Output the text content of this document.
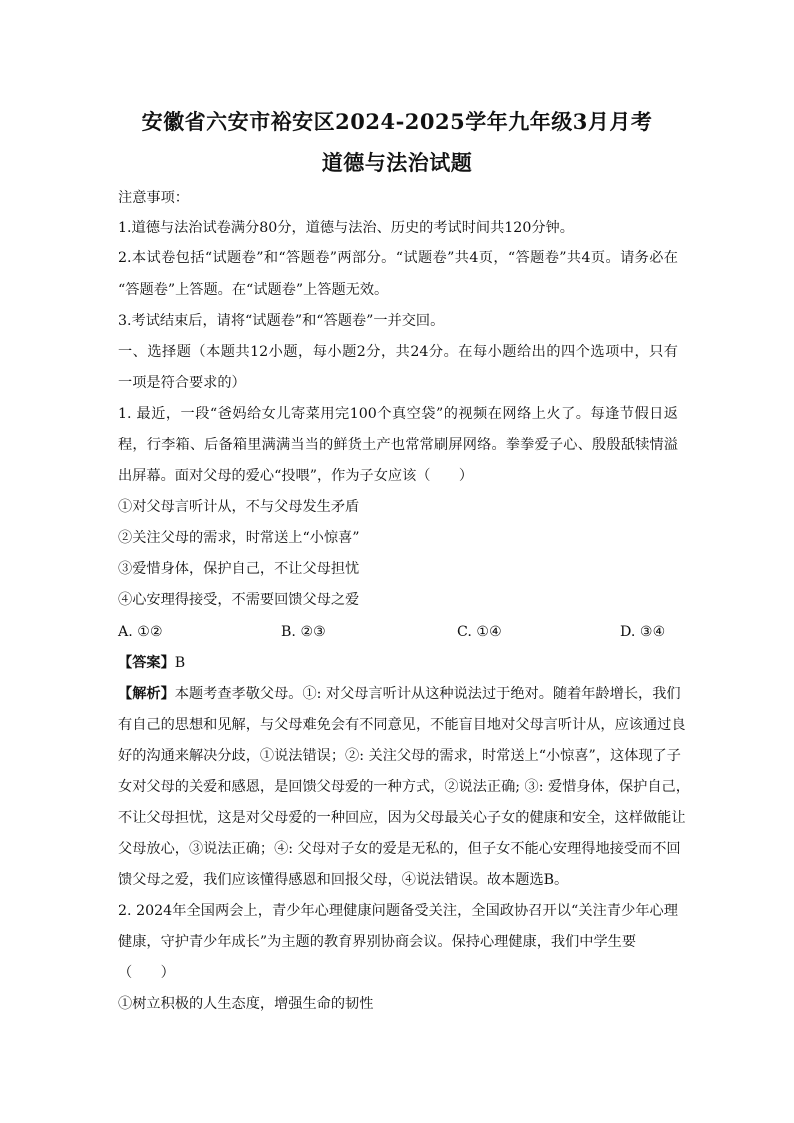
安徽省六安市裕安区2024-2025学年九年级3月月考
道德与法治试题
注意事项：
1.道德与法治试卷满分80分，道德与法治、历史的考试时间共120分钟。
2.本试卷包括“试题卷”和“答题卷”两部分。“试题卷”共4页，“答题卷”共4页。请务必在
“答题卷”上答题。在“试题卷”上答题无效。
3.考试结束后，请将“试题卷”和“答题卷”一并交回。
一、选择题（本题共12小题，每小题2分，共24分。在每小题给出的四个选项中，只有
一项是符合要求的）
1. 最近，一段“爸妈给女儿寄菜用完100个真空袋”的视频在网络上火了。每逢节假日返
程，行李箱、后备箱里满满当当的鲜货土产也常常刷屏网络。拳拳爱子心、殷殷舐犊情溢
出屏幕。面对父母的爱心“投喂”，作为子女应该（　　）
①对父母言听计从，不与父母发生矛盾
②关注父母的需求，时常送上“小惊喜”
③爱惜身体，保护自己，不让父母担忧
④心安理得接受，不需要回馈父母之爱
A. ①②	B. ②③	C. ①④	D. ③④
【答案】B
【解析】本题考查孝敬父母。①: 对父母言听计从这种说法过于绝对。随着年龄增长，我们
有自己的思想和见解，与父母难免会有不同意见，不能盲目地对父母言听计从，应该通过良
好的沟通来解决分歧，①说法错误；②: 关注父母的需求，时常送上“小惊喜”，这体现了子
女对父母的关爱和感恩，是回馈父母爱的一种方式，②说法正确; ③: 爱惜身体，保护自己，
不让父母担忧，这是对父母爱的一种回应，因为父母最关心子女的健康和安全，这样做能让
父母放心，③说法正确；④: 父母对子女的爱是无私的，但子女不能心安理得地接受而不回
馈父母之爱，我们应该懂得感恩和回报父母，④说法错误。故本题选B。
2. 2024年全国两会上，青少年心理健康问题备受关注，全国政协召开以“关注青少年心理
健康，守护青少年成长”为主题的教育界别协商会议。保持心理健康，我们中学生要
（　　）
①树立积极的人生态度，增强生命的韧性
